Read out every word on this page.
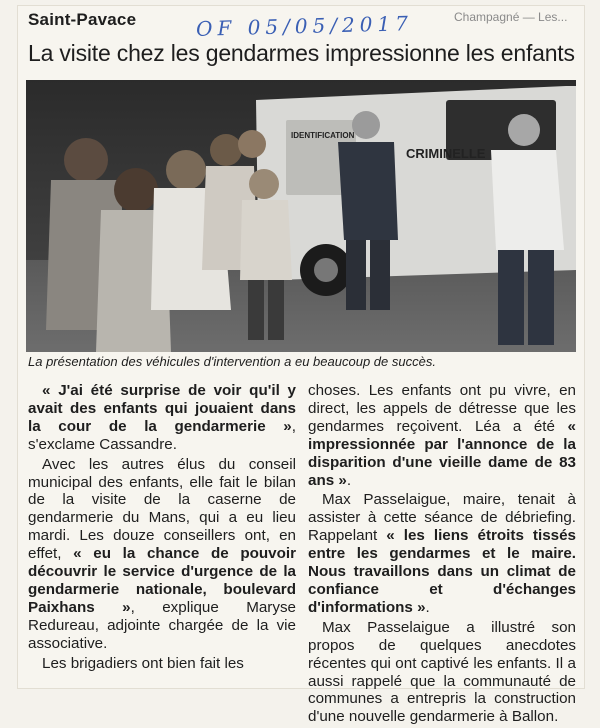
Saint-Pavace	OF 05/05/2017	Champagné — Les...
La visite chez les gendarmes impressionne les enfants
IDENTIFICATION
CRIMINELLE
La présentation des véhicules d'intervention a eu beaucoup de succès.

« J'ai été surprise de voir qu'il y avait des enfants qui jouaient dans la cour de la gendarmerie », s'exclame Cassandre.

Avec les autres élus du conseil municipal des enfants, elle fait le bilan de la visite de la caserne de gendarmerie du Mans, qui a eu lieu mardi. Les douze conseillers ont, en effet, « eu la chance de pouvoir découvrir le service d'urgence de la gendarmerie nationale, boulevard Paixhans », explique Maryse Redureau, adjointe chargée de la vie associative.

Les brigadiers ont bien fait les

choses. Les enfants ont pu vivre, en direct, les appels de détresse que les gendarmes reçoivent. Léa a été « impressionnée par l'annonce de la disparition d'une vieille dame de 83 ans ».

Max Passelaigue, maire, tenait à assister à cette séance de débriefing. Rappelant « les liens étroits tissés entre les gendarmes et le maire. Nous travaillons dans un climat de confiance et d'échanges d'informations ».

Max Passelaigue a illustré son propos de quelques anecdotes récentes qui ont captivé les enfants. Il a aussi rappelé que la communauté de communes a entrepris la construction d'une nouvelle gendarmerie à Ballon.
